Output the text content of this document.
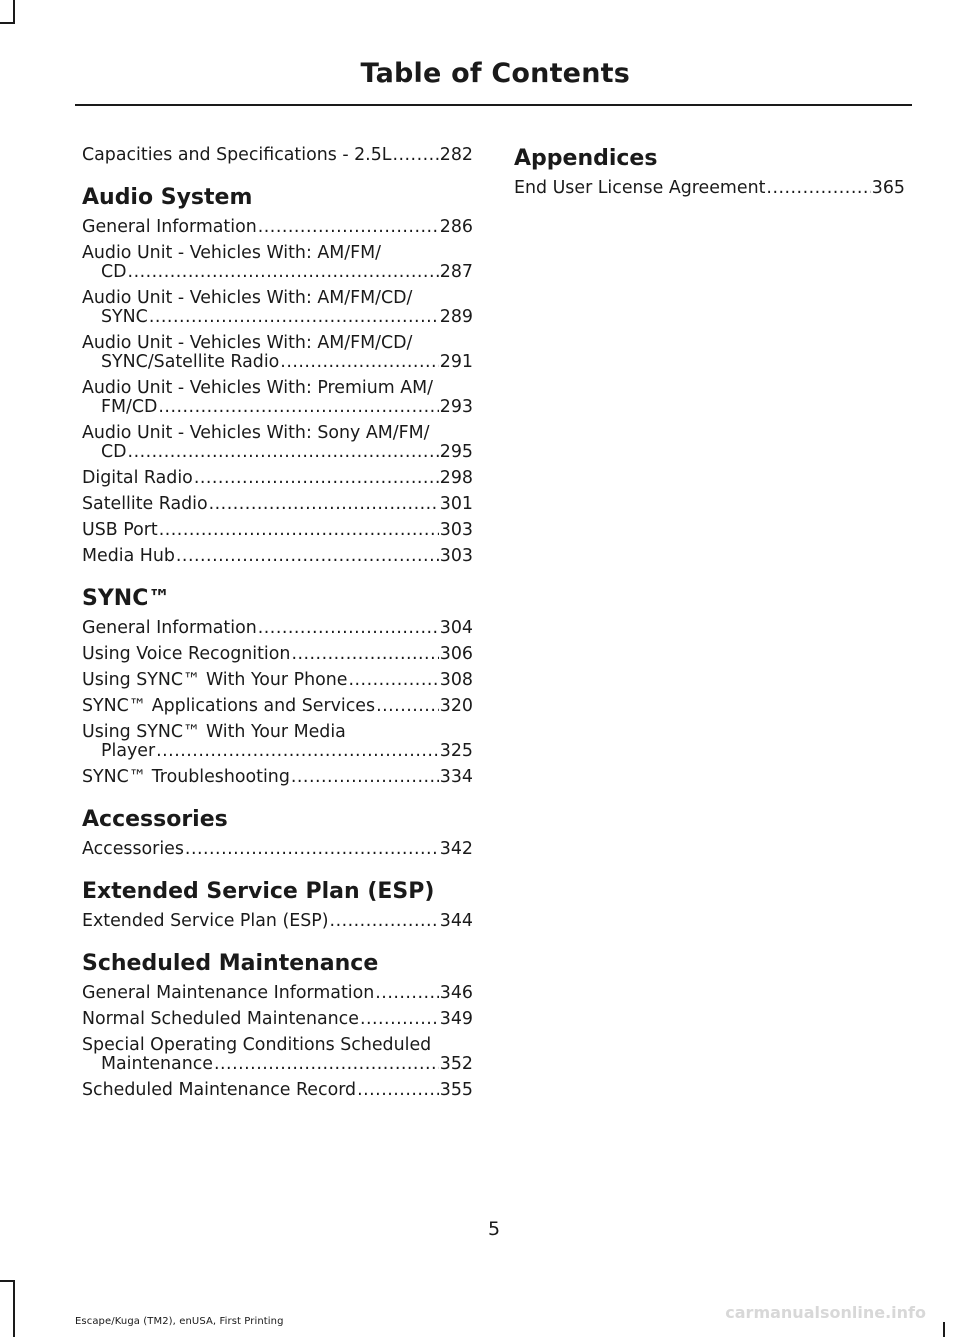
Table of Contents
Capacities and Specifications - 2.5L .....	282
Audio System
General Information .....	286
Audio Unit - Vehicles With: AM/FM/
CD .....	287
Audio Unit - Vehicles With: AM/FM/CD/
SYNC .....	289
Audio Unit - Vehicles With: AM/FM/CD/
SYNC/Satellite Radio .....	291
Audio Unit - Vehicles With: Premium AM/
FM/CD .....	293
Audio Unit - Vehicles With: Sony AM/FM/
CD .....	295
Digital Radio .....	298
Satellite Radio .....	301
USB Port .....	303
Media Hub .....	303
SYNC™
General Information .....	304
Using Voice Recognition .....	306
Using SYNC™ With Your Phone .....	308
SYNC™ Applications and Services .....	320
Using SYNC™ With Your Media
Player .....	325
SYNC™ Troubleshooting .....	334
Accessories
Accessories .....	342
Extended Service Plan (ESP)
Extended Service Plan (ESP) .....	344
Scheduled Maintenance
General Maintenance Information .....	346
Normal Scheduled Maintenance .....	349
Special Operating Conditions Scheduled
Maintenance .....	352
Scheduled Maintenance Record .....	355
Appendices
End User License Agreement .....	365
5
Escape/Kuga (TM2), enUSA, First Printing	carmanualsonline.info
